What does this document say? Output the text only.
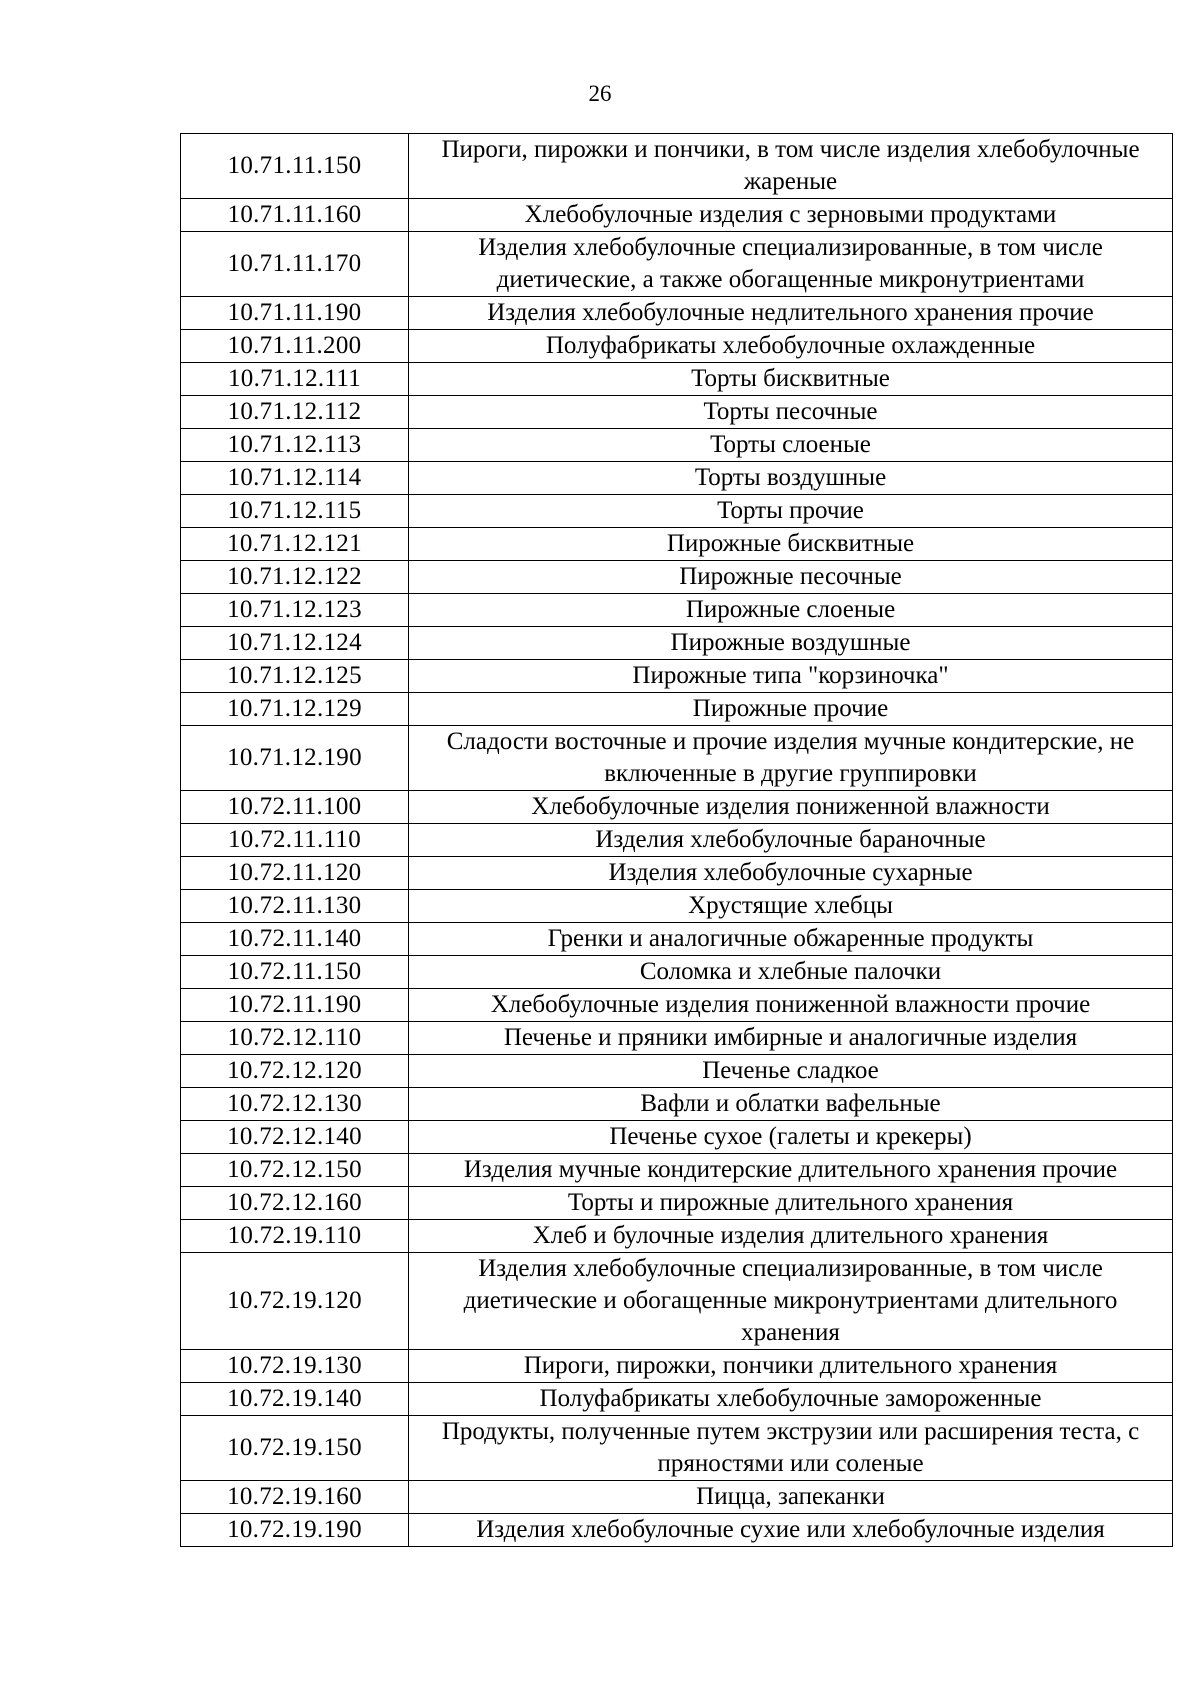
26
10.71.11.150	Пироги, пирожки и пончики, в том числе изделия хлебобулочные жареные
10.71.11.160	Хлебобулочные изделия с зерновыми продуктами
10.71.11.170	Изделия хлебобулочные специализированные, в том числе диетические, а также обогащенные микронутриентами
10.71.11.190	Изделия хлебобулочные недлительного хранения прочие
10.71.11.200	Полуфабрикаты хлебобулочные охлажденные
10.71.12.111	Торты бисквитные
10.71.12.112	Торты песочные
10.71.12.113	Торты слоеные
10.71.12.114	Торты воздушные
10.71.12.115	Торты прочие
10.71.12.121	Пирожные бисквитные
10.71.12.122	Пирожные песочные
10.71.12.123	Пирожные слоеные
10.71.12.124	Пирожные воздушные
10.71.12.125	Пирожные типа "корзиночка"
10.71.12.129	Пирожные прочие
10.71.12.190	Сладости восточные и прочие изделия мучные кондитерские, не включенные в другие группировки
10.72.11.100	Хлебобулочные изделия пониженной влажности
10.72.11.110	Изделия хлебобулочные бараночные
10.72.11.120	Изделия хлебобулочные сухарные
10.72.11.130	Хрустящие хлебцы
10.72.11.140	Гренки и аналогичные обжаренные продукты
10.72.11.150	Соломка и хлебные палочки
10.72.11.190	Хлебобулочные изделия пониженной влажности прочие
10.72.12.110	Печенье и пряники имбирные и аналогичные изделия
10.72.12.120	Печенье сладкое
10.72.12.130	Вафли и облатки вафельные
10.72.12.140	Печенье сухое (галеты и крекеры)
10.72.12.150	Изделия мучные кондитерские длительного хранения прочие
10.72.12.160	Торты и пирожные длительного хранения
10.72.19.110	Хлеб и булочные изделия длительного хранения
10.72.19.120	Изделия хлебобулочные специализированные, в том числе диетические и обогащенные микронутриентами длительного хранения
10.72.19.130	Пироги, пирожки, пончики длительного хранения
10.72.19.140	Полуфабрикаты хлебобулочные замороженные
10.72.19.150	Продукты, полученные путем экструзии или расширения теста, с пряностями или соленые
10.72.19.160	Пицца, запеканки
10.72.19.190	Изделия хлебобулочные сухие или хлебобулочные изделия
